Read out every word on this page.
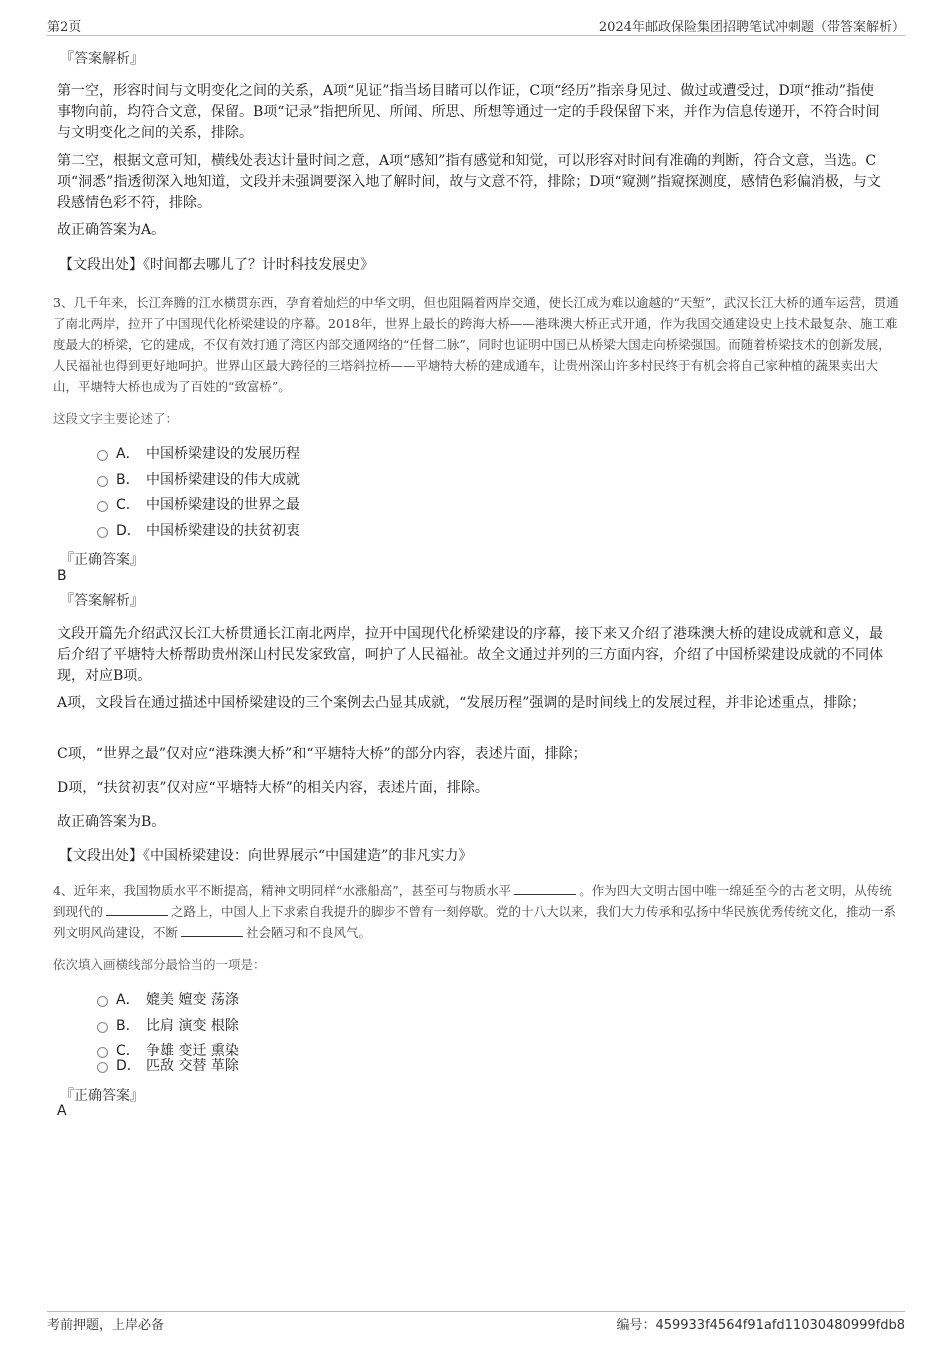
第2页	2024年邮政保险集团招聘笔试冲刺题（带答案解析）
『答案解析』
第一空，形容时间与文明变化之间的关系，A项“见证”指当场目睹可以作证，C项“经历”指亲身见过、做过或遭受过，D项“推动”指使事物向前，均符合文意，保留。B项“记录”指把所见、所闻、所思、所想等通过一定的手段保留下来，并作为信息传递开，不符合时间与文明变化之间的关系，排除。
第二空，根据文意可知，横线处表达计量时间之意，A项“感知”指有感觉和知觉，可以形容对时间有准确的判断，符合文意，当选。C项“洞悉”指透彻深入地知道，文段并未强调要深入地了解时间，故与文意不符，排除；D项“窥测”指窥探测度，感情色彩偏消极，与文段感情色彩不符，排除。
故正确答案为A。
【文段出处】《时间都去哪儿了？计时科技发展史》
3、几千年来，长江奔腾的江水横贯东西，孕育着灿烂的中华文明，但也阻隔着两岸交通，使长江成为难以逾越的“天堑”，武汉长江大桥的通车运营，贯通了南北两岸，拉开了中国现代化桥梁建设的序幕。2018年，世界上最长的跨海大桥——港珠澳大桥正式开通，作为我国交通建设史上技术最复杂、施工难度最大的桥梁，它的建成，不仅有效打通了湾区内部交通网络的“任督二脉”，同时也证明中国已从桥梁大国走向桥梁强国。而随着桥梁技术的创新发展，人民福祉也得到更好地呵护。世界山区最大跨径的三塔斜拉桥——平塘特大桥的建成通车，让贵州深山许多村民终于有机会将自己家种植的蔬果卖出大山，平塘特大桥也成为了百姓的“致富桥”。
这段文字主要论述了：
A． 中国桥梁建设的发展历程
B． 中国桥梁建设的伟大成就
C． 中国桥梁建设的世界之最
D． 中国桥梁建设的扶贫初衷
『正确答案』
B
『答案解析』
文段开篇先介绍武汉长江大桥贯通长江南北两岸，拉开中国现代化桥梁建设的序幕，接下来又介绍了港珠澳大桥的建设成就和意义，最后介绍了平塘特大桥帮助贵州深山村民发家致富，呵护了人民福祉。故全文通过并列的三方面内容，介绍了中国桥梁建设成就的不同体现，对应B项。
A项，文段旨在通过描述中国桥梁建设的三个案例去凸显其成就，“发展历程”强调的是时间线上的发展过程，并非论述重点，排除；
C项，“世界之最”仅对应“港珠澳大桥”和“平塘特大桥”的部分内容，表述片面，排除；
D项，“扶贫初衷”仅对应“平塘特大桥”的相关内容，表述片面，排除。
故正确答案为B。
【文段出处】《中国桥梁建设：向世界展示“中国建造”的非凡实力》
4、近年来，我国物质水平不断提高，精神文明同样“水涨船高”，甚至可与物质水平	。作为四大文明古国中唯一绵延至今的古老文明，从传统到现代的	之路上，中国人上下求索自我提升的脚步不曾有一刻停歇。党的十八大以来，我们大力传承和弘扬中华民族优秀传统文化，推动一系列文明风尚建设，不断	社会陋习和不良风气。
依次填入画横线部分最恰当的一项是：
A． 媲美 嬗变 荡涤
B． 比肩 演变 根除
C． 争雄 变迁 熏染
D． 匹敌 交替 革除
『正确答案』
A
考前押题，上岸必备	编号：459933f4564f91afd11030480999fdb8
